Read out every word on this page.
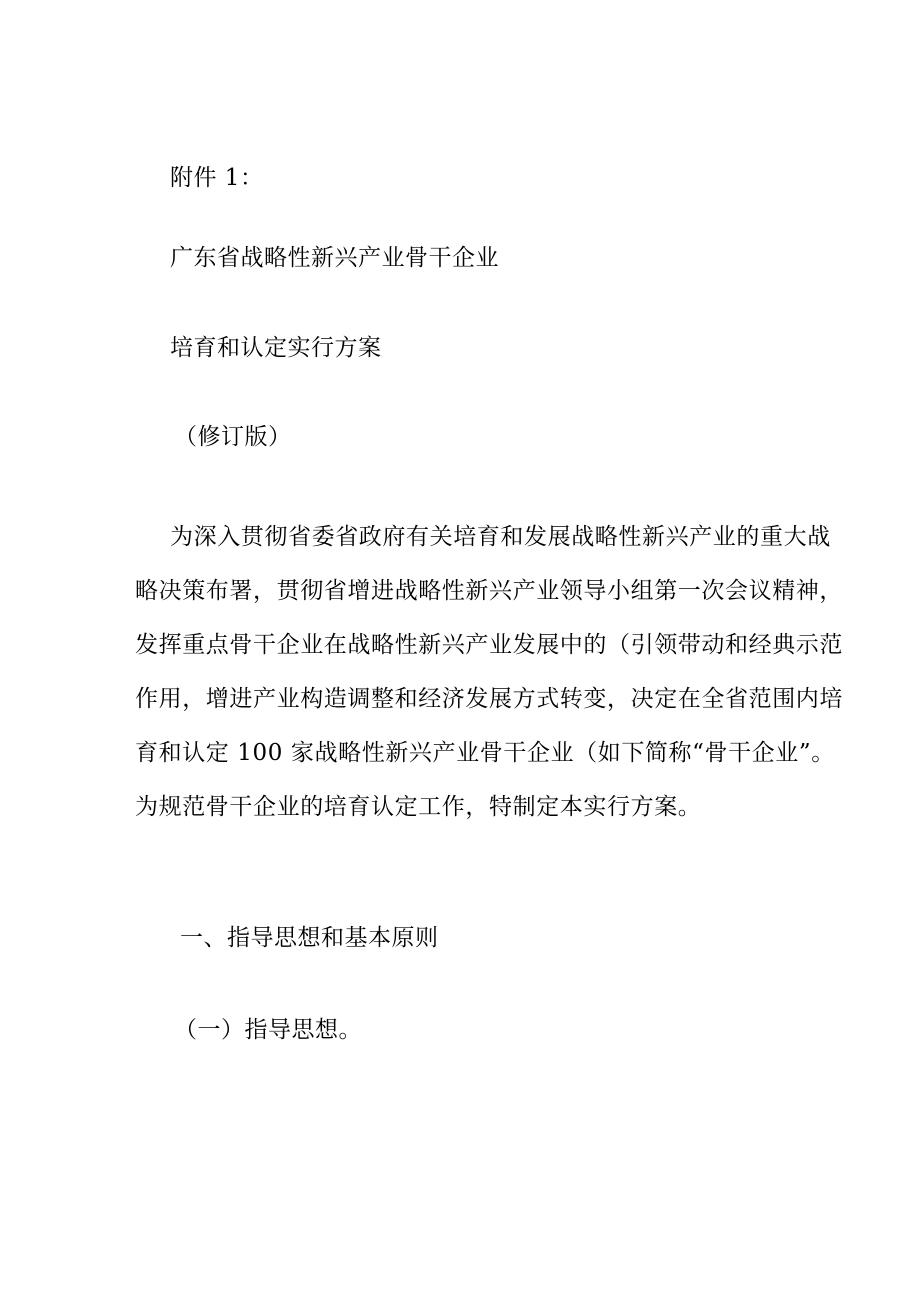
附件 1：
广东省战略性新兴产业骨干企业
培育和认定实行方案
（修订版）
为深入贯彻省委省政府有关培育和发展战略性新兴产业的重大战
略决策布署，贯彻省增进战略性新兴产业领导小组第一次会议精神，
发挥重点骨干企业在战略性新兴产业发展中的（引领带动和经典示范
作用，增进产业构造调整和经济发展方式转变，决定在全省范围内培
育和认定 100 家战略性新兴产业骨干企业（如下简称“骨干企业”。
为规范骨干企业的培育认定工作，特制定本实行方案。
一、指导思想和基本原则
（一）指导思想。
